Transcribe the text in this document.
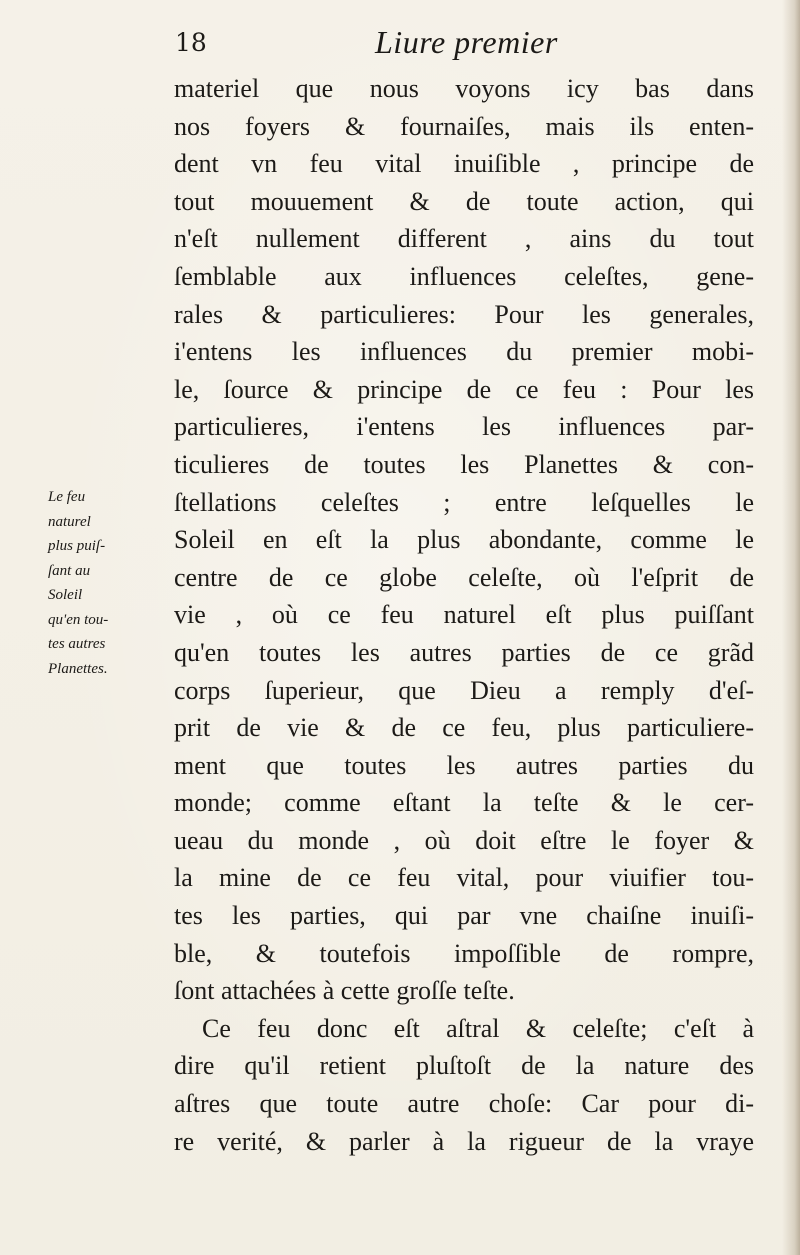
18	Liure premier
Le feu
naturel
plus puiſ-
ſant au
Soleil
qu'en tou-
tes autres
Planettes.
materiel que nous voyons icy bas dans
nos foyers & fournaiſes, mais ils enten-
dent vn feu vital inuiſible , principe de
tout mouuement & de toute action, qui
n'eſt nullement different , ains du tout
ſemblable aux influences celeſtes, gene-
rales & particulieres: Pour les generales,
i'entens les influences du premier mobi-
le, ſource & principe de ce feu : Pour les
particulieres, i'entens les influences par-
ticulieres de toutes les Planettes & con-
ſtellations celeſtes ; entre leſquelles le
Soleil en eſt la plus abondante, comme le
centre de ce globe celeſte, où l'eſprit de
vie , où ce feu naturel eſt plus puiſſant
qu'en toutes les autres parties de ce grãd
corps ſuperieur, que Dieu a remply d'eſ-
prit de vie & de ce feu, plus particuliere-
ment que toutes les autres parties du
monde; comme eſtant la teſte & le cer-
ueau du monde , où doit eſtre le foyer &
la mine de ce feu vital, pour viuifier tou-
tes les parties, qui par vne chaiſne inuiſi-
ble, & toutefois impoſſible de rompre,
ſont attachées à cette groſſe teſte.
Ce feu donc eſt aſtral & celeſte; c'eſt à
dire qu'il retient pluſtoſt de la nature des
aſtres que toute autre choſe: Car pour di-
re verité, & parler à la rigueur de la vraye
